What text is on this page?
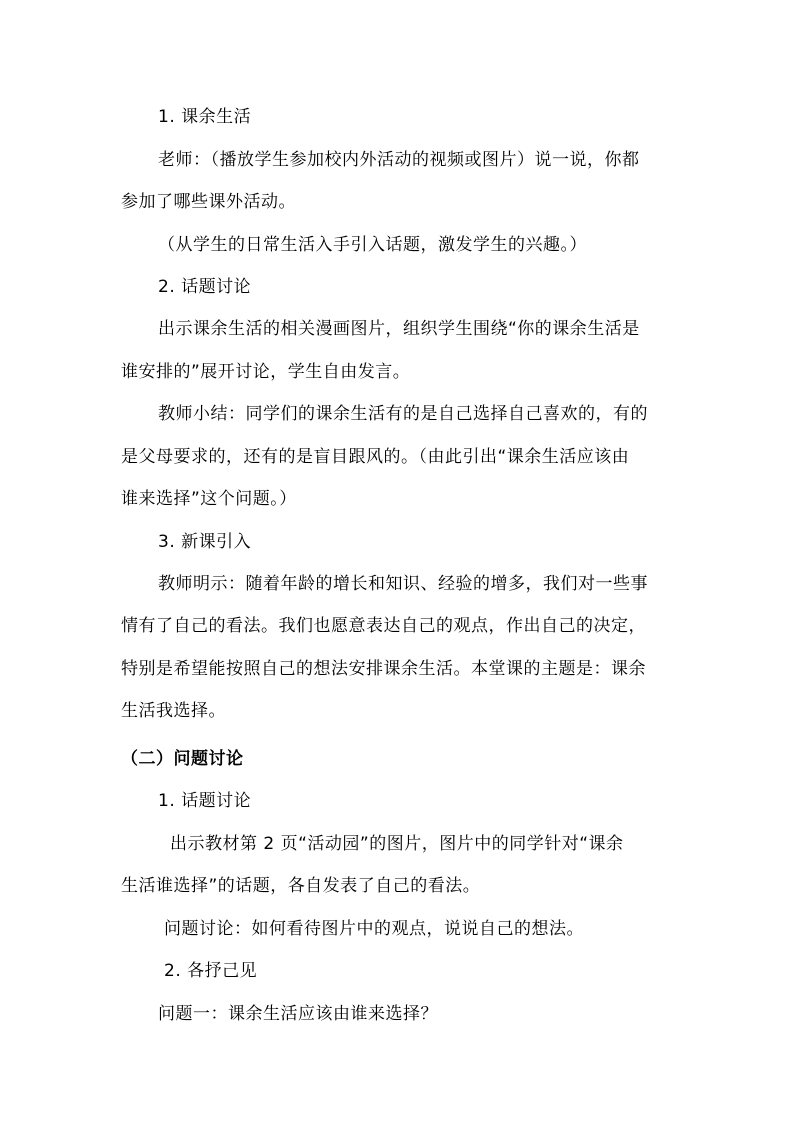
1. 课余生活
老师：（播放学生参加校内外活动的视频或图片）说一说，你都
参加了哪些课外活动。
（从学生的日常生活入手引入话题，激发学生的兴趣。）
2. 话题讨论
出示课余生活的相关漫画图片，组织学生围绕“你的课余生活是
谁安排的”展开讨论，学生自由发言。
教师小结：同学们的课余生活有的是自己选择自己喜欢的，有的
是父母要求的，还有的是盲目跟风的。（由此引出“课余生活应该由
谁来选择”这个问题。）
3. 新课引入
教师明示：随着年龄的增长和知识、经验的增多，我们对一些事
情有了自己的看法。我们也愿意表达自己的观点，作出自己的决定，
特别是希望能按照自己的想法安排课余生活。本堂课的主题是：课余
生活我选择。
（二）问题讨论
1. 话题讨论
出示教材第 2 页“活动园”的图片，图片中的同学针对“课余
生活谁选择”的话题，各自发表了自己的看法。
问题讨论：如何看待图片中的观点，说说自己的想法。
2. 各抒己见
问题一：课余生活应该由谁来选择？
